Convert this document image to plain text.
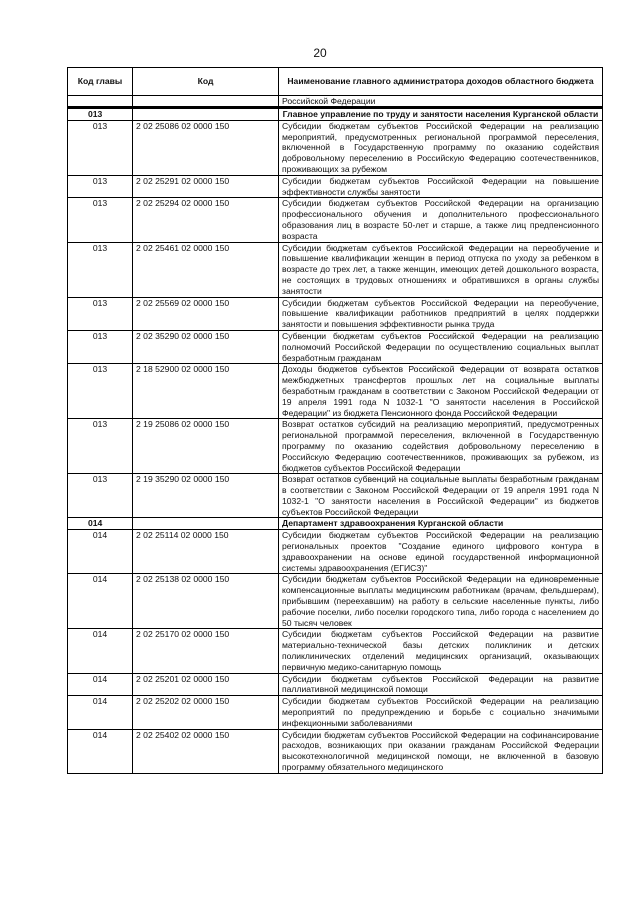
20
Код главы	Код	Наименование главного администратора доходов областного бюджета
		Российской Федерации

013		Главное управление по труду и занятости населения Курганской области
013	2 02 25086 02 0000 150	Субсидии бюджетам субъектов Российской Федерации на реализацию мероприятий, предусмотренных региональной программой переселения, включенной в Государственную программу по оказанию содействия добровольному переселению в Российскую Федерацию соотечественников, проживающих за рубежом
013	2 02 25291 02 0000 150	Субсидии бюджетам субъектов Российской Федерации на повышение эффективности службы занятости
013	2 02 25294 02 0000 150	Субсидии бюджетам субъектов Российской Федерации на организацию профессионального обучения и дополнительного профессионального образования лиц в возрасте 50-лет и старше, а также лиц предпенсионного возраста
013	2 02 25461 02 0000 150	Субсидии бюджетам субъектов Российской Федерации на переобучение и повышение квалификации женщин в период отпуска по уходу за ребенком в возрасте до трех лет, а также женщин, имеющих детей дошкольного возраста, не состоящих в трудовых отношениях и обратившихся в органы службы занятости
013	2 02 25569 02 0000 150	Субсидии бюджетам субъектов Российской Федерации на переобучение, повышение квалификации работников предприятий в целях поддержки занятости и повышения эффективности рынка труда
013	2 02 35290 02 0000 150	Субвенции бюджетам субъектов Российской Федерации на реализацию полномочий Российской Федерации по осуществлению социальных выплат безработным гражданам
013	2 18 52900 02 0000 150	Доходы бюджетов субъектов Российской Федерации от возврата остатков межбюджетных трансфертов прошлых лет на социальные выплаты безработным гражданам в соответствии с Законом Российской Федерации от 19 апреля 1991 года N 1032-1 "О занятости населения в Российской Федерации" из бюджета Пенсионного фонда Российской Федерации
013	2 19 25086 02 0000 150	Возврат остатков субсидий на реализацию мероприятий, предусмотренных региональной программой переселения, включенной в Государственную программу по оказанию содействия добровольному переселению в Российскую Федерацию соотечественников, проживающих за рубежом, из бюджетов субъектов Российской Федерации
013	2 19 35290 02 0000 150	Возврат остатков субвенций на социальные выплаты безработным гражданам в соответствии с Законом Российской Федерации от 19 апреля 1991 года N 1032-1 "О занятости населения в Российской Федерации" из бюджетов субъектов Российской Федерации
014		Департамент здравоохранения Курганской области
014	2 02 25114 02 0000 150	Субсидии бюджетам субъектов Российской Федерации на реализацию региональных проектов "Создание единого цифрового контура в здравоохранении на основе единой государственной информационной системы здравоохранения (ЕГИСЗ)"
014	2 02 25138 02 0000 150	Субсидии бюджетам субъектов Российской Федерации на единовременные компенсационные выплаты медицинским работникам (врачам, фельдшерам), прибывшим (переехавшим) на работу в сельские населенные пункты, либо рабочие поселки, либо поселки городского типа, либо города с населением до 50 тысяч человек
014	2 02 25170 02 0000 150	Субсидии бюджетам субъектов Российской Федерации на развитие материально-технической базы детских поликлиник и детских поликлинических отделений медицинских организаций, оказывающих первичную медико-санитарную помощь
014	2 02 25201 02 0000 150	Субсидии бюджетам субъектов Российской Федерации на развитие паллиативной медицинской помощи
014	2 02 25202 02 0000 150	Субсидии бюджетам субъектов Российской Федерации на реализацию мероприятий по предупреждению и борьбе с социально значимыми инфекционными заболеваниями
014	2 02 25402 02 0000 150	Субсидии бюджетам субъектов Российской Федерации на софинансирование расходов, возникающих при оказании гражданам Российской Федерации высокотехнологичной медицинской помощи, не включенной в базовую программу обязательного медицинского
